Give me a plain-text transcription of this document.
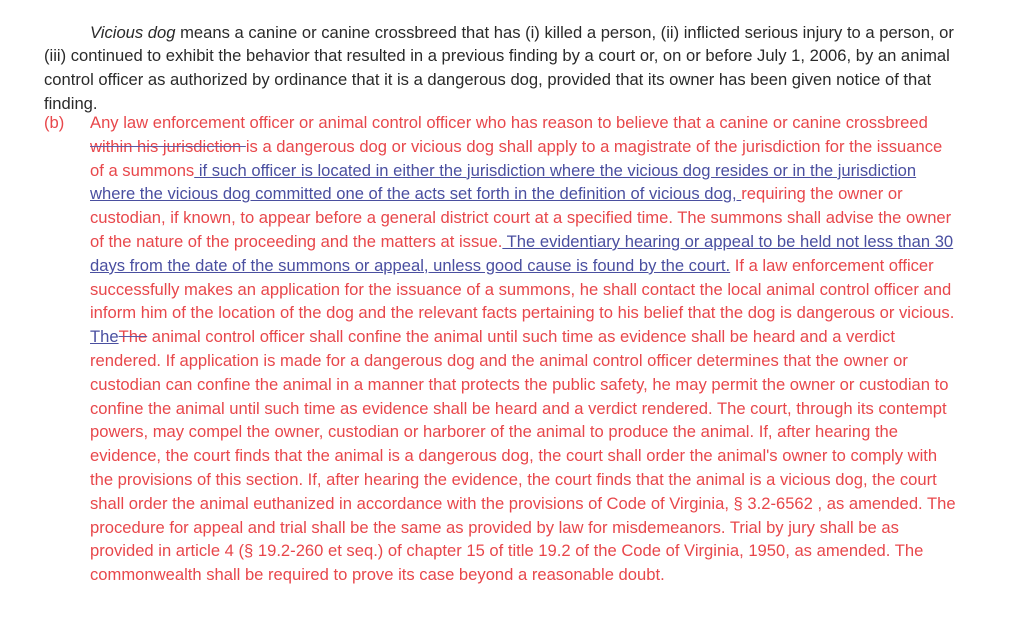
Vicious dog means a canine or canine crossbreed that has (i) killed a person, (ii) inflicted serious injury to a person, or (iii) continued to exhibit the behavior that resulted in a previous finding by a court or, on or before July 1, 2006, by an animal control officer as authorized by ordinance that it is a dangerous dog, provided that its owner has been given notice of that finding.

(b) Any law enforcement officer or animal control officer who has reason to believe that a canine or canine crossbreed within his jurisdiction is a dangerous dog or vicious dog shall apply to a magistrate of the jurisdiction for the issuance of a summons if such officer is located in either the jurisdiction where the vicious dog resides or in the jurisdiction where the vicious dog committed one of the acts set forth in the definition of vicious dog, requiring the owner or custodian, if known, to appear before a general district court at a specified time. The summons shall advise the owner of the nature of the proceeding and the matters at issue. The evidentiary hearing or appeal to be held not less than 30 days from the date of the summons or appeal, unless good cause is found by the court. If a law enforcement officer successfully makes an application for the issuance of a summons, he shall contact the local animal control officer and inform him of the location of the dog and the relevant facts pertaining to his belief that the dog is dangerous or vicious. TheThe animal control officer shall confine the animal until such time as evidence shall be heard and a verdict rendered. If application is made for a dangerous dog and the animal control officer determines that the owner or custodian can confine the animal in a manner that protects the public safety, he may permit the owner or custodian to confine the animal until such time as evidence shall be heard and a verdict rendered. The court, through its contempt powers, may compel the owner, custodian or harborer of the animal to produce the animal. If, after hearing the evidence, the court finds that the animal is a dangerous dog, the court shall order the animal's owner to comply with the provisions of this section. If, after hearing the evidence, the court finds that the animal is a vicious dog, the court shall order the animal euthanized in accordance with the provisions of Code of Virginia, § 3.2-6562 , as amended. The procedure for appeal and trial shall be the same as provided by law for misdemeanors. Trial by jury shall be as provided in article 4 (§ 19.2-260 et seq.) of chapter 15 of title 19.2 of the Code of Virginia, 1950, as amended. The commonwealth shall be required to prove its case beyond a reasonable doubt.
